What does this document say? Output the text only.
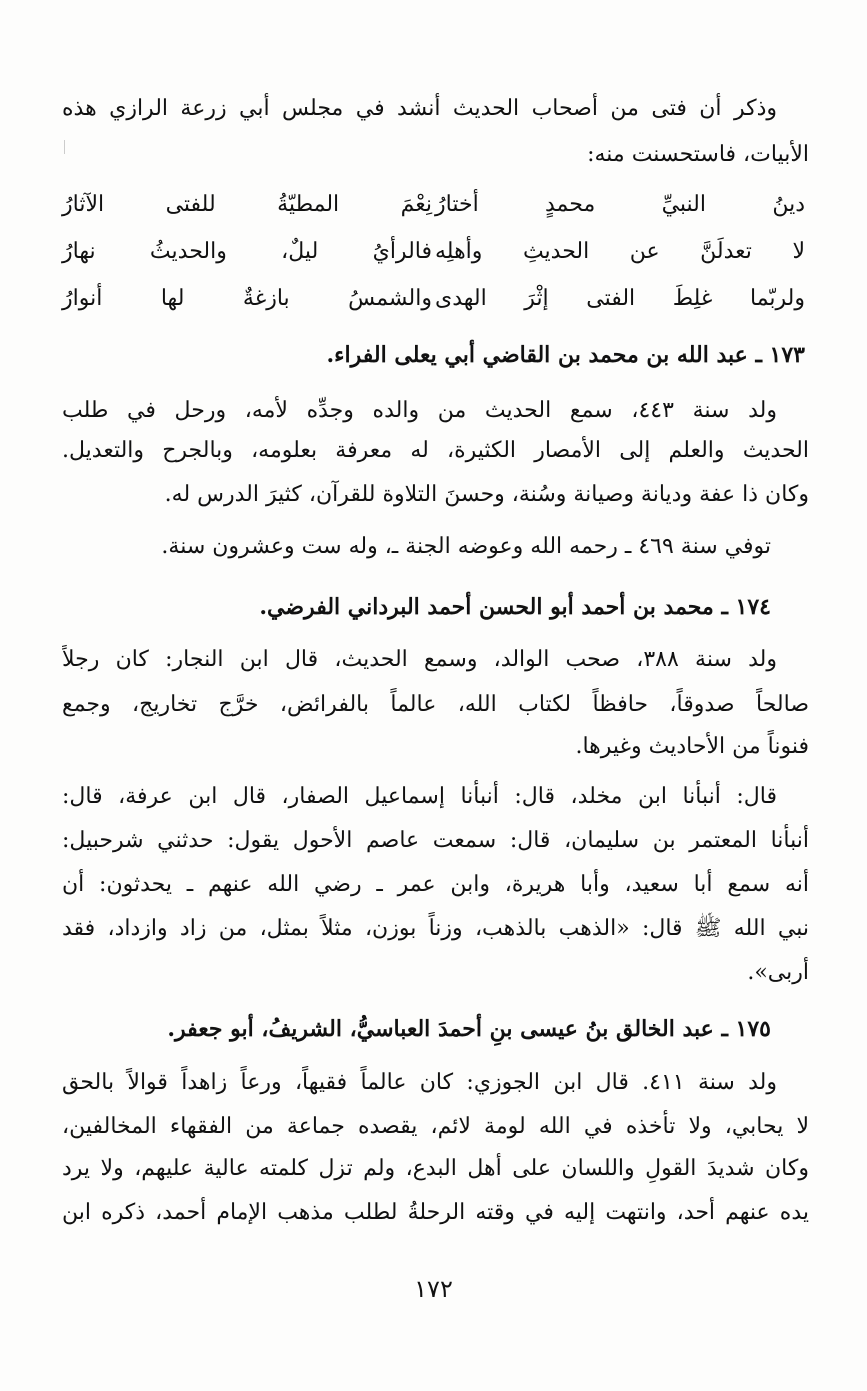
وذكر أن فتى من أصحاب الحديث أنشد في مجلس أبي زرعة الرازي هذه
الأبيات، فاستحسنت منه:
دينُ النبيِّ محمدٍ أختارُ
نِعْمَ المطيّةُ للفتى الآثارُ
لا تعدلَنَّ عن الحديثِ وأهلِه
فالرأيُ ليلٌ، والحديثُ نهارُ
ولربّما غلِطَ الفتى إثْرَ الهدى
والشمسُ بازغةٌ لها أنوارُ
١٧٣ ـ عبد الله بن محمد بن القاضي أبي يعلى الفراء.
ولد سنة ٤٤٣، سمع الحديث من والده وجدِّه لأمه، ورحل في طلب
الحديث والعلم إلى الأمصار الكثيرة، له معرفة بعلومه، وبالجرح والتعديل.
وكان ذا عفة وديانة وصيانة وسُنة، وحسنَ التلاوة للقرآن، كثيرَ الدرس له.
توفي سنة ٤٦٩ ـ رحمه الله وعوضه الجنة ـ، وله ست وعشرون سنة.
١٧٤ ـ محمد بن أحمد أبو الحسن أحمد البرداني الفرضي.
ولد سنة ٣٨٨، صحب الوالد، وسمع الحديث، قال ابن النجار: كان رجلاً
صالحاً صدوقاً، حافظاً لكتاب الله، عالماً بالفرائض، خرَّج تخاريج، وجمع
فنوناً من الأحاديث وغيرها.
قال: أنبأنا ابن مخلد، قال: أنبأنا إسماعيل الصفار، قال ابن عرفة، قال:
أنبأنا المعتمر بن سليمان، قال: سمعت عاصم الأحول يقول: حدثني شرحبيل:
أنه سمع أبا سعيد، وأبا هريرة، وابن عمر ـ رضي الله عنهم ـ يحدثون: أن
نبي الله ﷺ قال: «الذهب بالذهب، وزناً بوزن، مثلاً بمثل، من زاد وازداد، فقد
أربى».
١٧٥ ـ عبد الخالق بنُ عيسى بنِ أحمدَ العباسيُّ، الشريفُ، أبو جعفر.
ولد سنة ٤١١. قال ابن الجوزي: كان عالماً فقيهاً، ورعاً زاهداً قوالاً بالحق
لا يحابي، ولا تأخذه في الله لومة لائم، يقصده جماعة من الفقهاء المخالفين،
وكان شديدَ القولِ واللسان على أهل البدع، ولم تزل كلمته عالية عليهم، ولا يرد
يده عنهم أحد، وانتهت إليه في وقته الرحلةُ لطلب مذهب الإمام أحمد، ذكره ابن
١٧٢
